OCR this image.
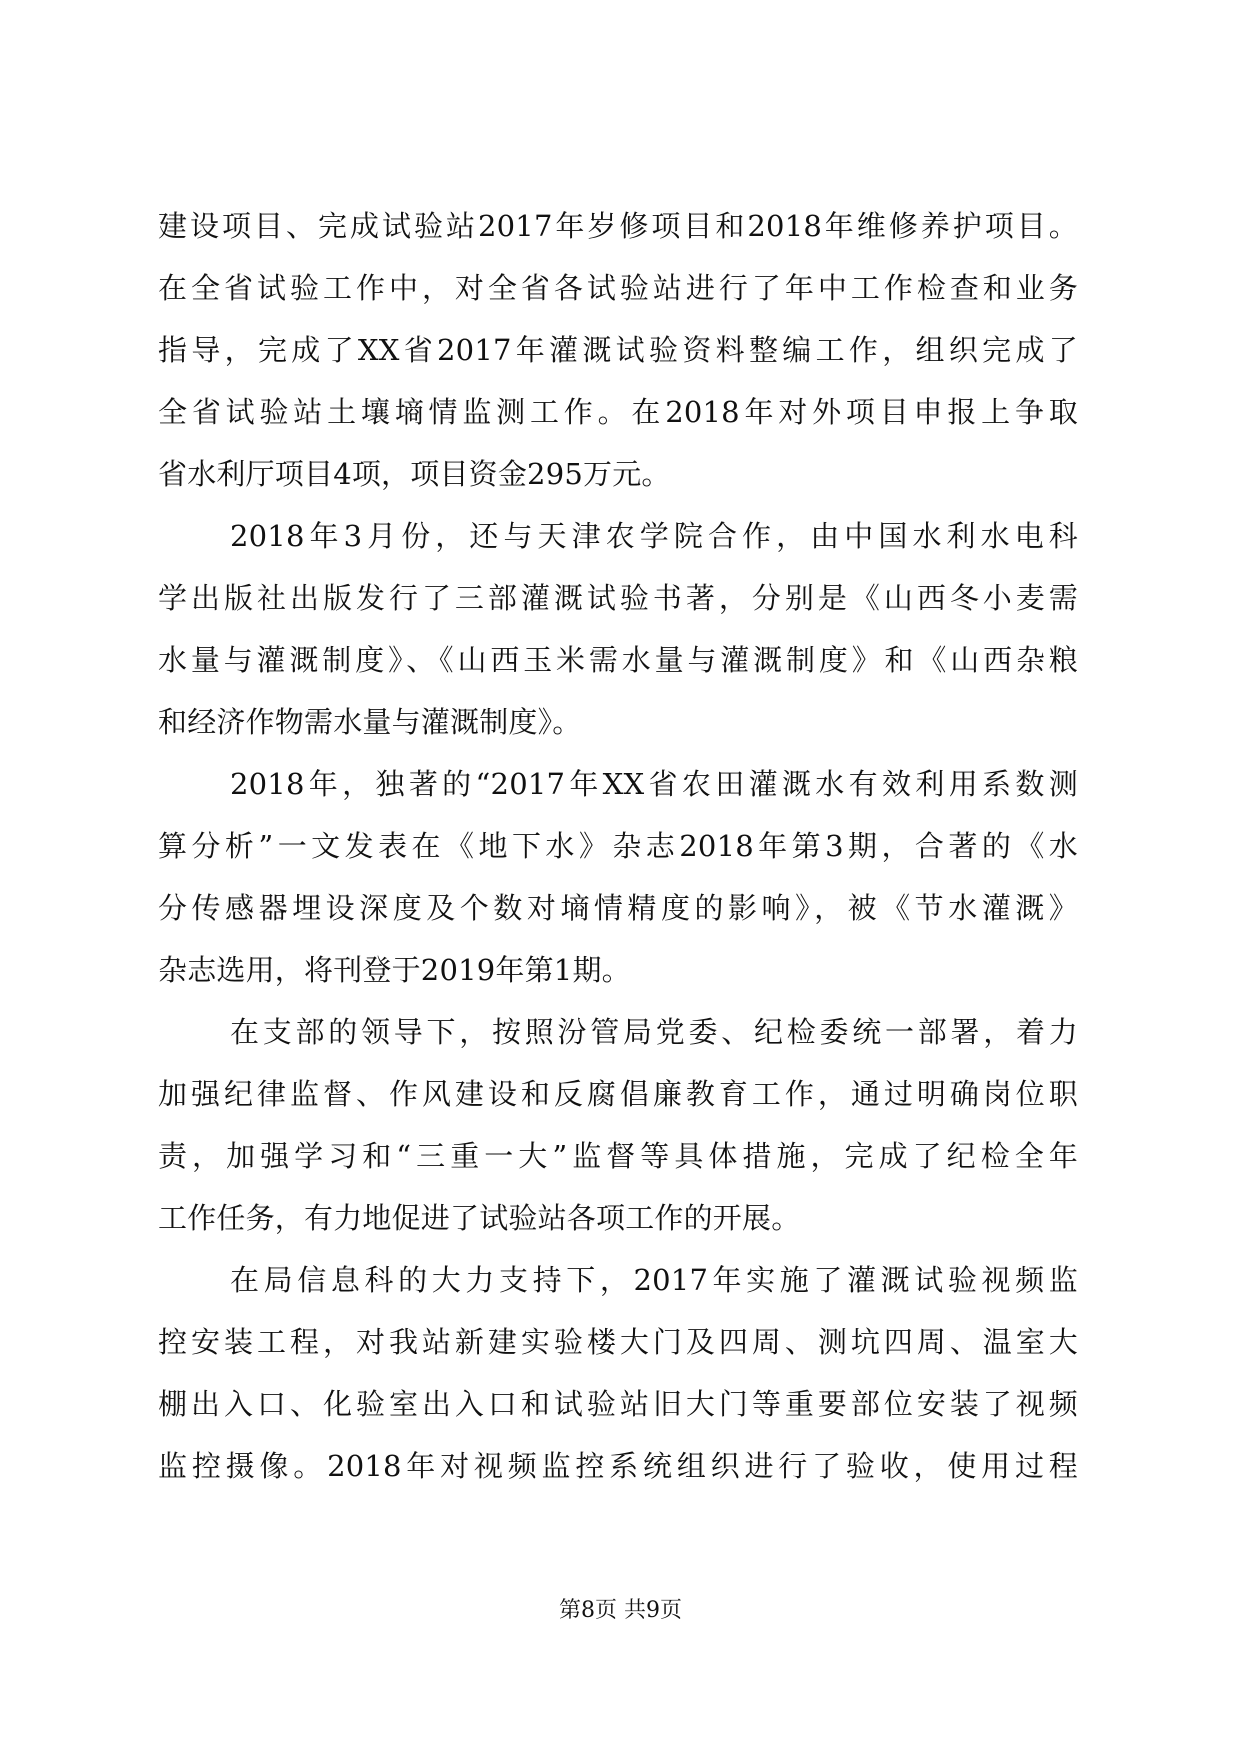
建设项目、完成试验站2017年岁修项目和2018年维修养护项目。
在全省试验工作中，对全省各试验站进行了年中工作检查和业务
指导，完成了XX省2017年灌溉试验资料整编工作，组织完成了
全省试验站土壤墒情监测工作。在2018年对外项目申报上争取
省水利厅项目4项，项目资金295万元。
2018年3月份，还与天津农学院合作，由中国水利水电科
学出版社出版发行了三部灌溉试验书著，分别是《山西冬小麦需
水量与灌溉制度》、《山西玉米需水量与灌溉制度》和《山西杂粮
和经济作物需水量与灌溉制度》。
2018年，独著的“2017年XX省农田灌溉水有效利用系数测
算分析”一文发表在《地下水》杂志2018年第3期，合著的《水
分传感器埋设深度及个数对墒情精度的影响》，被《节水灌溉》
杂志选用，将刊登于2019年第1期。
在支部的领导下，按照汾管局党委、纪检委统一部署，着力
加强纪律监督、作风建设和反腐倡廉教育工作，通过明确岗位职
责，加强学习和“三重一大”监督等具体措施，完成了纪检全年
工作任务，有力地促进了试验站各项工作的开展。
在局信息科的大力支持下，2017年实施了灌溉试验视频监
控安装工程，对我站新建实验楼大门及四周、测坑四周、温室大
棚出入口、化验室出入口和试验站旧大门等重要部位安装了视频
监控摄像。2018年对视频监控系统组织进行了验收，使用过程
第8页 共9页
